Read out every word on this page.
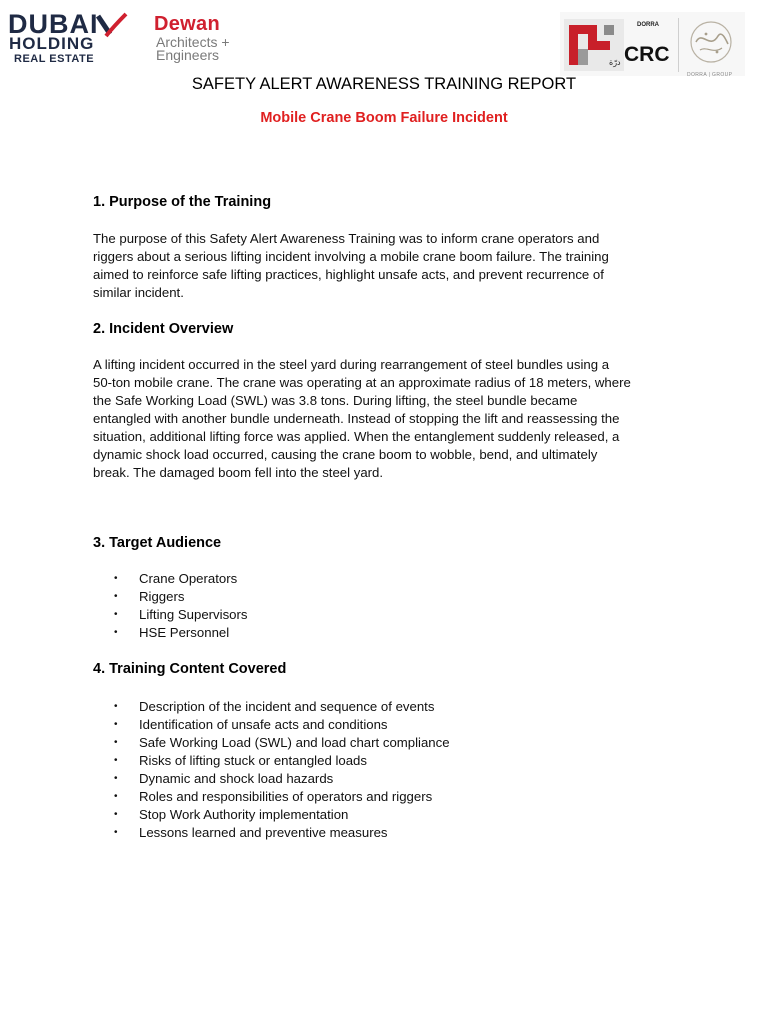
DUBAI
HOLDING
REAL ESTATE
Dewan
Architects +
Engineers	درّة
DORRA
CRC
DORRA | GROUP
SAFETY ALERT AWARENESS TRAINING REPORT
Mobile Crane Boom Failure Incident
1. Purpose of the Training
The purpose of this Safety Alert Awareness Training was to inform crane operators and
riggers about a serious lifting incident involving a mobile crane boom failure. The training
aimed to reinforce safe lifting practices, highlight unsafe acts, and prevent recurrence of
similar incident.
2. Incident Overview
A lifting incident occurred in the steel yard during rearrangement of steel bundles using a
50-ton mobile crane. The crane was operating at an approximate radius of 18 meters, where
the Safe Working Load (SWL) was 3.8 tons. During lifting, the steel bundle became
entangled with another bundle underneath. Instead of stopping the lift and reassessing the
situation, additional lifting force was applied. When the entanglement suddenly released, a
dynamic shock load occurred, causing the crane boom to wobble, bend, and ultimately
break. The damaged boom fell into the steel yard.
3. Target Audience
• Crane Operators
• Riggers
• Lifting Supervisors
• HSE Personnel
4. Training Content Covered
• Description of the incident and sequence of events
• Identification of unsafe acts and conditions
• Safe Working Load (SWL) and load chart compliance
• Risks of lifting stuck or entangled loads
• Dynamic and shock load hazards
• Roles and responsibilities of operators and riggers
• Stop Work Authority implementation
• Lessons learned and preventive measures
